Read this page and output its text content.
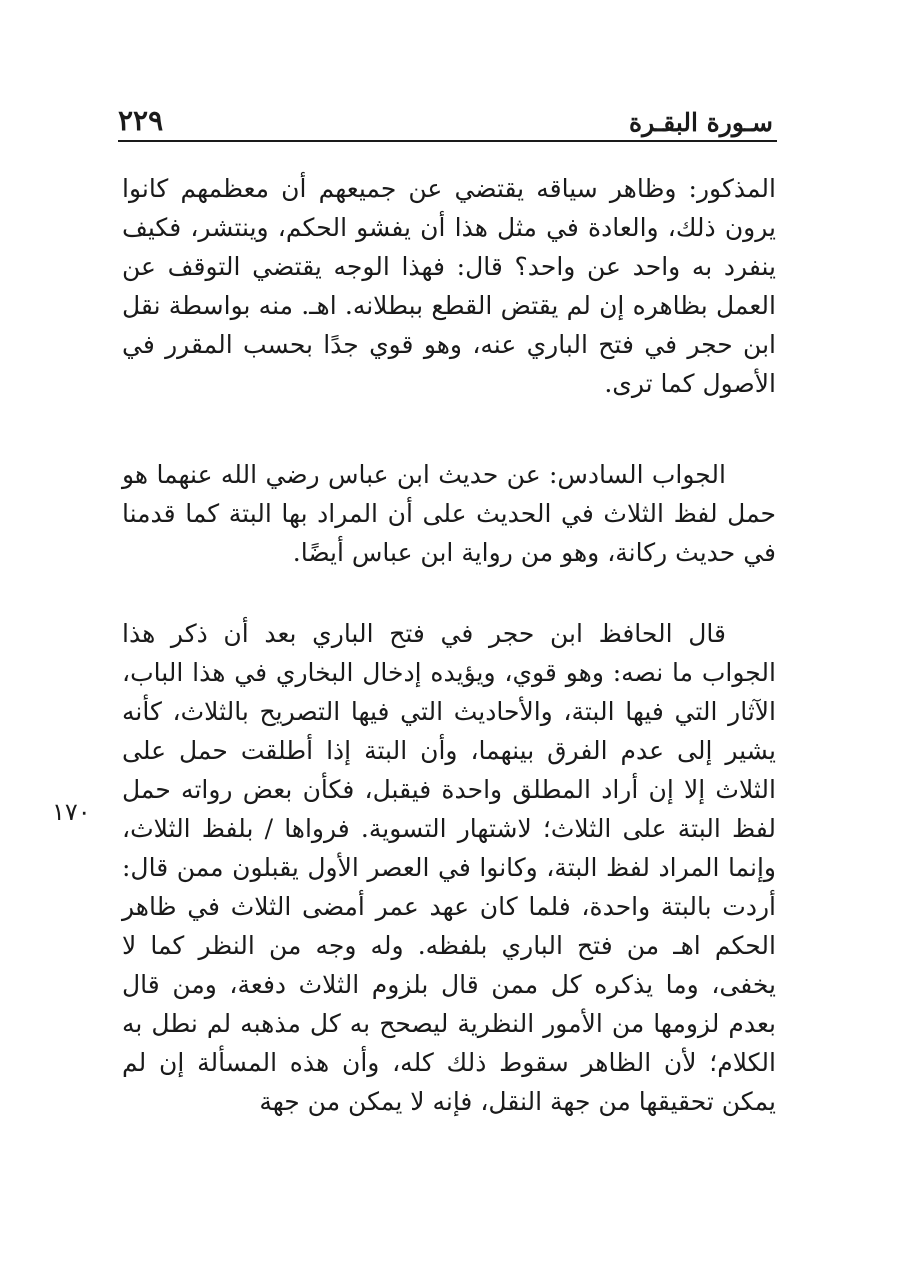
سـورة البقـرة
٢٢٩

المذكور: وظاهر سياقه يقتضي عن جميعهم أن معظمهم كانوا يرون ذلك، والعادة في مثل هذا أن يفشو الحكم، وينتشر، فكيف ينفرد به واحد عن واحد؟ قال: فهذا الوجه يقتضي التوقف عن العمل بظاهره إن لم يقتض القطع ببطلانه. اهـ. منه بواسطة نقل ابن حجر في فتح الباري عنه، وهو قوي جدًا بحسب المقرر في الأصول كما ترى.

الجواب السادس: عن حديث ابن عباس رضي الله عنهما هو حمل لفظ الثلاث في الحديث على أن المراد بها البتة كما قدمنا في حديث ركانة، وهو من رواية ابن عباس أيضًا.

قال الحافظ ابن حجر في فتح الباري بعد أن ذكر هذا الجواب ما نصه: وهو قوي، ويؤيده إدخال البخاري في هذا الباب، الآثار التي فيها البتة، والأحاديث التي فيها التصريح بالثلاث، كأنه يشير إلى عدم الفرق بينهما، وأن البتة إذا أطلقت حمل على الثلاث إلا إن أراد المطلق واحدة فيقبل، فكأن بعض رواته حمل لفظ البتة على الثلاث؛ لاشتهار التسوية. فرواها / بلفظ الثلاث، وإنما المراد لفظ البتة، وكانوا في العصر الأول يقبلون ممن قال: أردت بالبتة واحدة، فلما كان عهد عمر أمضى الثلاث في ظاهر الحكم اهـ من فتح الباري بلفظه. وله وجه من النظر كما لا يخفى، وما يذكره كل ممن قال بلزوم الثلاث دفعة، ومن قال بعدم لزومها من الأمور النظرية ليصحح به كل مذهبه لم نطل به الكلام؛ لأن الظاهر سقوط ذلك كله، وأن هذه المسألة إن لم يمكن تحقيقها من جهة النقل، فإنه لا يمكن من جهة

١٧٠
